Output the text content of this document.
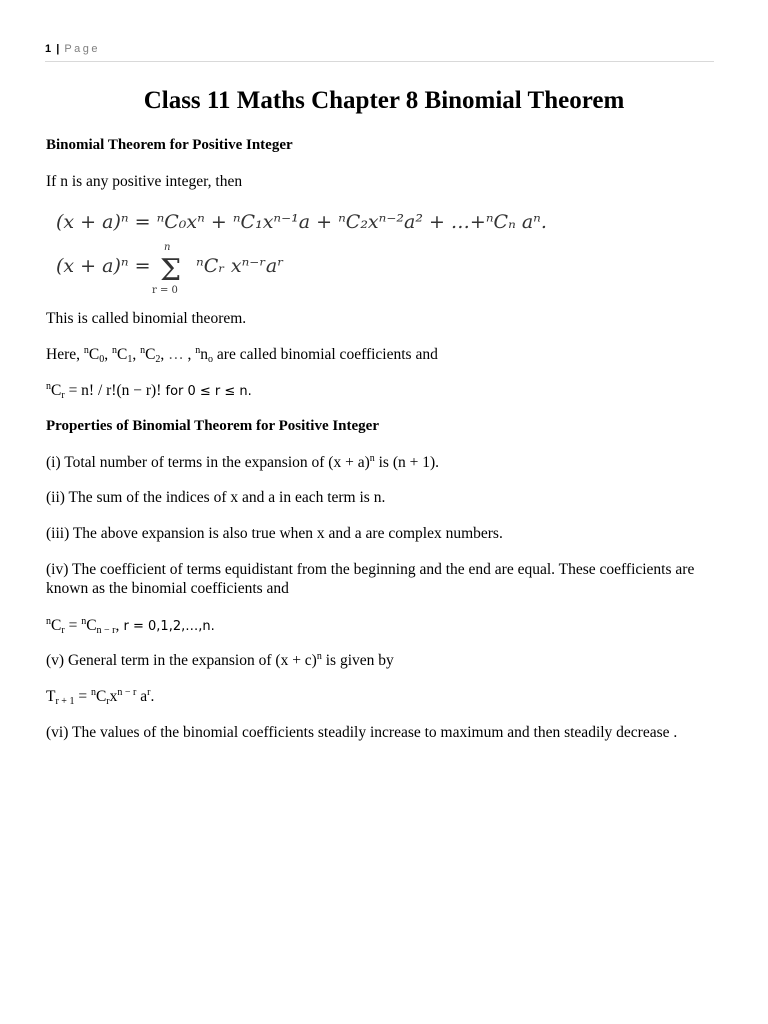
1 | Page
Class 11 Maths Chapter 8 Binomial Theorem

Binomial Theorem for Positive Integer

If n is any positive integer, then

(x + a)ⁿ = ⁿC₀xⁿ + ⁿC₁xⁿ⁻¹a + ⁿC₂xⁿ⁻²a² + …+ⁿCₙ aⁿ.
(x + a)ⁿ =
n
Σ
r = 0
ⁿCᵣ xⁿ⁻ʳaʳ

This is called binomial theorem.

Here, $^nC_0$, $^nC_1$, $^nC_2$, … , $^nn_o$ are called binomial coefficients and

$^nC_r = n$! / r!(n − r)! for 0 ≤ r ≤ n.

Properties of Binomial Theorem for Positive Integer

(i) Total number of terms in the expansion of $(x + a)^n$ is (n + 1).

(ii) The sum of the indices of x and a in each term is n.

(iii) The above expansion is also true when x and a are complex numbers.

(iv) The coefficient of terms equidistant from the beginning and the end are equal. These coefficients are known as the binomial coefficients and

$^nC_r = ^nC_{n - r}$, r = 0,1,2,…,n.

(v) General term in the expansion of $(x + c)^n$ is given by

$T_{r + 1} = ^nC_rx^{n - r}$ $a^r$.

(vi) The values of the binomial coefficients steadily increase to maximum and then steadily decrease .
